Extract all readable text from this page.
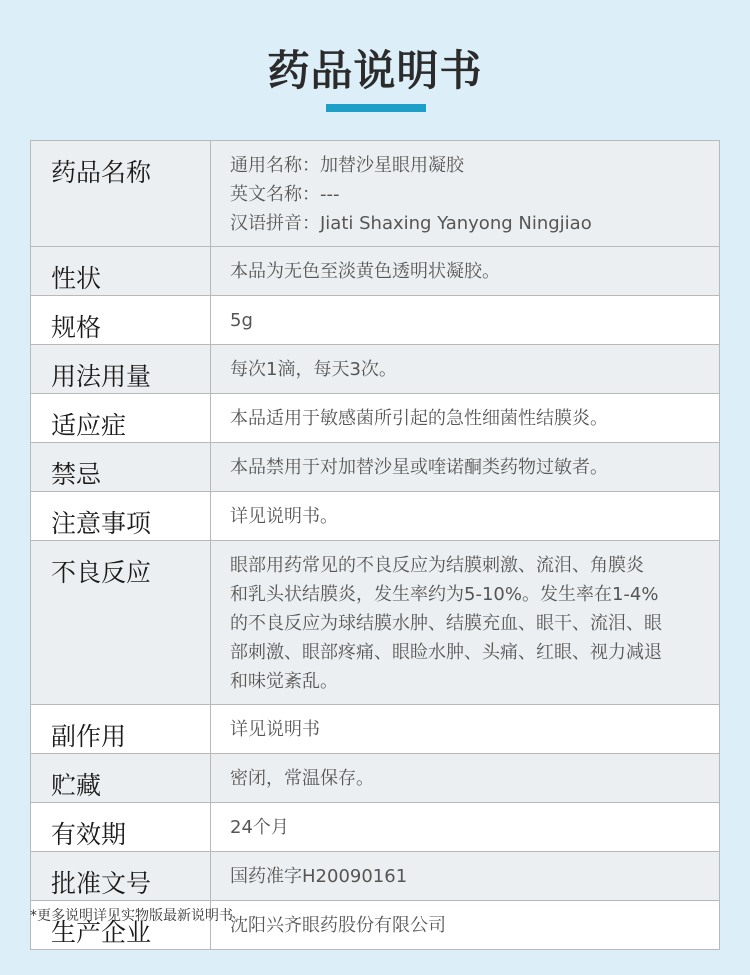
药品说明书
药品名称	通用名称：加替沙星眼用凝胶
英文名称：---
汉语拼音：Jiati Shaxing Yanyong Ningjiao

性状	本品为无色至淡黄色透明状凝胶。

规格	5g

用法用量	每次1滴，每天3次。

适应症	本品适用于敏感菌所引起的急性细菌性结膜炎。

禁忌	本品禁用于对加替沙星或喹诺酮类药物过敏者。

注意事项	详见说明书。

不良反应	眼部用药常见的不良反应为结膜刺激、流泪、角膜炎
和乳头状结膜炎，发生率约为5-10%。发生率在1-4%
的不良反应为球结膜水肿、结膜充血、眼干、流泪、眼
部刺激、眼部疼痛、眼睑水肿、头痛、红眼、视力减退
和味觉紊乱。

副作用	详见说明书

贮藏	密闭，常温保存。

有效期	24个月

批准文号	国药准字H20090161

生产企业	沈阳兴齐眼药股份有限公司
*更多说明详见实物版最新说明书
